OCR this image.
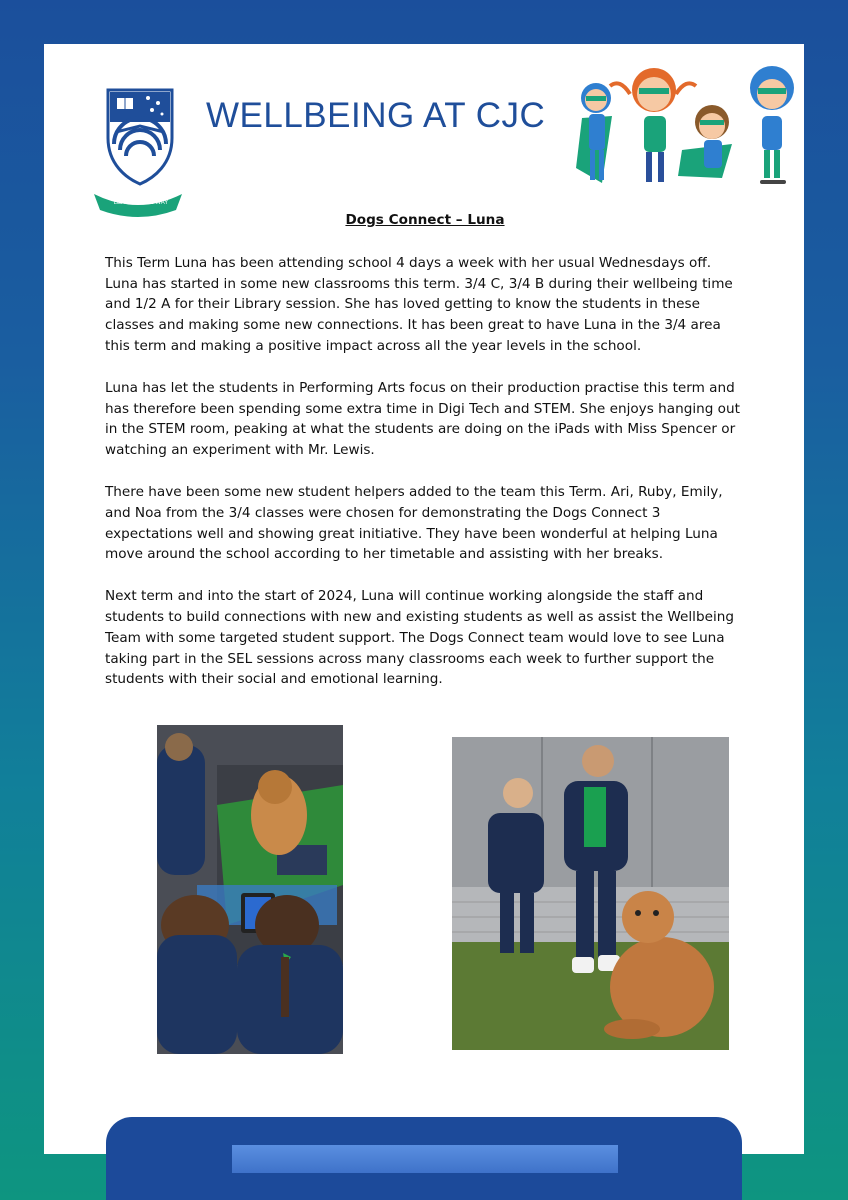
LEADING THE WAY
WELLBEING AT CJC
Dogs Connect – Luna

This Term Luna has been attending school 4 days a week with her usual Wednesdays off. Luna has started in some new classrooms this term. 3/4 C, 3/4 B during their wellbeing time and 1/2 A for their Library session. She has loved getting to know the students in these classes and making some new connections. It has been great to have Luna in the 3/4 area this term and making a positive impact across all the year levels in the school.

Luna has let the students in Performing Arts focus on their production practise this term and has therefore been spending some extra time in Digi Tech and STEM. She enjoys hanging out in the STEM room, peaking at what the students are doing on the iPads with Miss Spencer or watching an experiment with Mr. Lewis.

There have been some new student helpers added to the team this Term. Ari, Ruby, Emily, and Noa from the 3/4 classes were chosen for demonstrating the Dogs Connect 3 expectations well and showing great initiative. They have been wonderful at helping Luna move around the school according to her timetable and assisting with her breaks.

Next term and into the start of 2024, Luna will continue working alongside the staff and students to build connections with new and existing students as well as assist the Wellbeing Team with some targeted student support. The Dogs Connect team would love to see Luna taking part in the SEL sessions across many classrooms each week to further support the students with their social and emotional learning.
